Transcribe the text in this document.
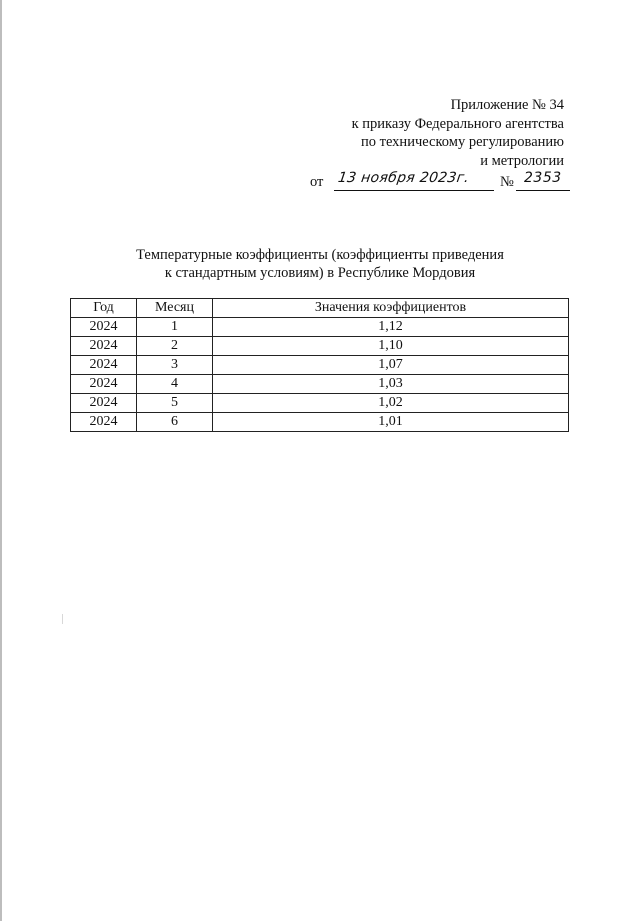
Приложение № 34
к приказу Федерального агентства
по техническому регулированию
и метрологии
от 13 ноября 2023г. № 2353
Температурные коэффициенты (коэффициенты приведения
к стандартным условиям) в Республике Мордовия
Год	Месяц	Значения коэффициентов
2024	1	1,12
2024	2	1,10
2024	3	1,07
2024	4	1,03
2024	5	1,02
2024	6	1,01
